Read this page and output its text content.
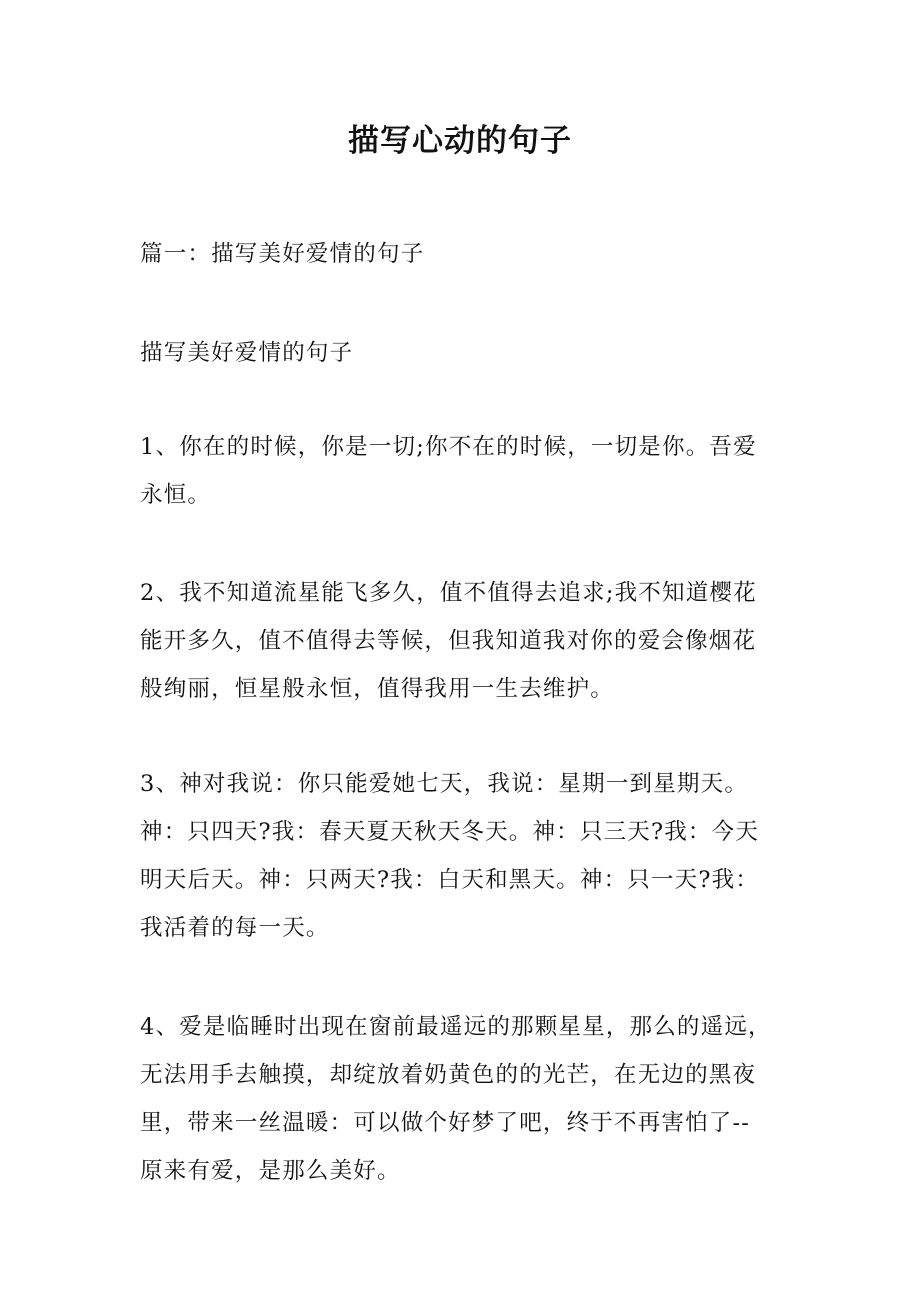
描写心动的句子

篇一：描写美好爱情的句子

描写美好爱情的句子

1、你在的时候，你是一切;你不在的时候，一切是你。吾爱
永恒。

2、我不知道流星能飞多久，值不值得去追求;我不知道樱花
能开多久，值不值得去等候，但我知道我对你的爱会像烟花
般绚丽，恒星般永恒，值得我用一生去维护。

3、神对我说：你只能爱她七天，我说：星期一到星期天。
神：只四天?我：春天夏天秋天冬天。神：只三天?我：今天
明天后天。神：只两天?我：白天和黑天。神：只一天?我：
我活着的每一天。

4、爱是临睡时出现在窗前最遥远的那颗星星，那么的遥远，
无法用手去触摸，却绽放着奶黄色的的光芒，在无边的黑夜
里，带来一丝温暖：可以做个好梦了吧，终于不再害怕了--
原来有爱，是那么美好。
